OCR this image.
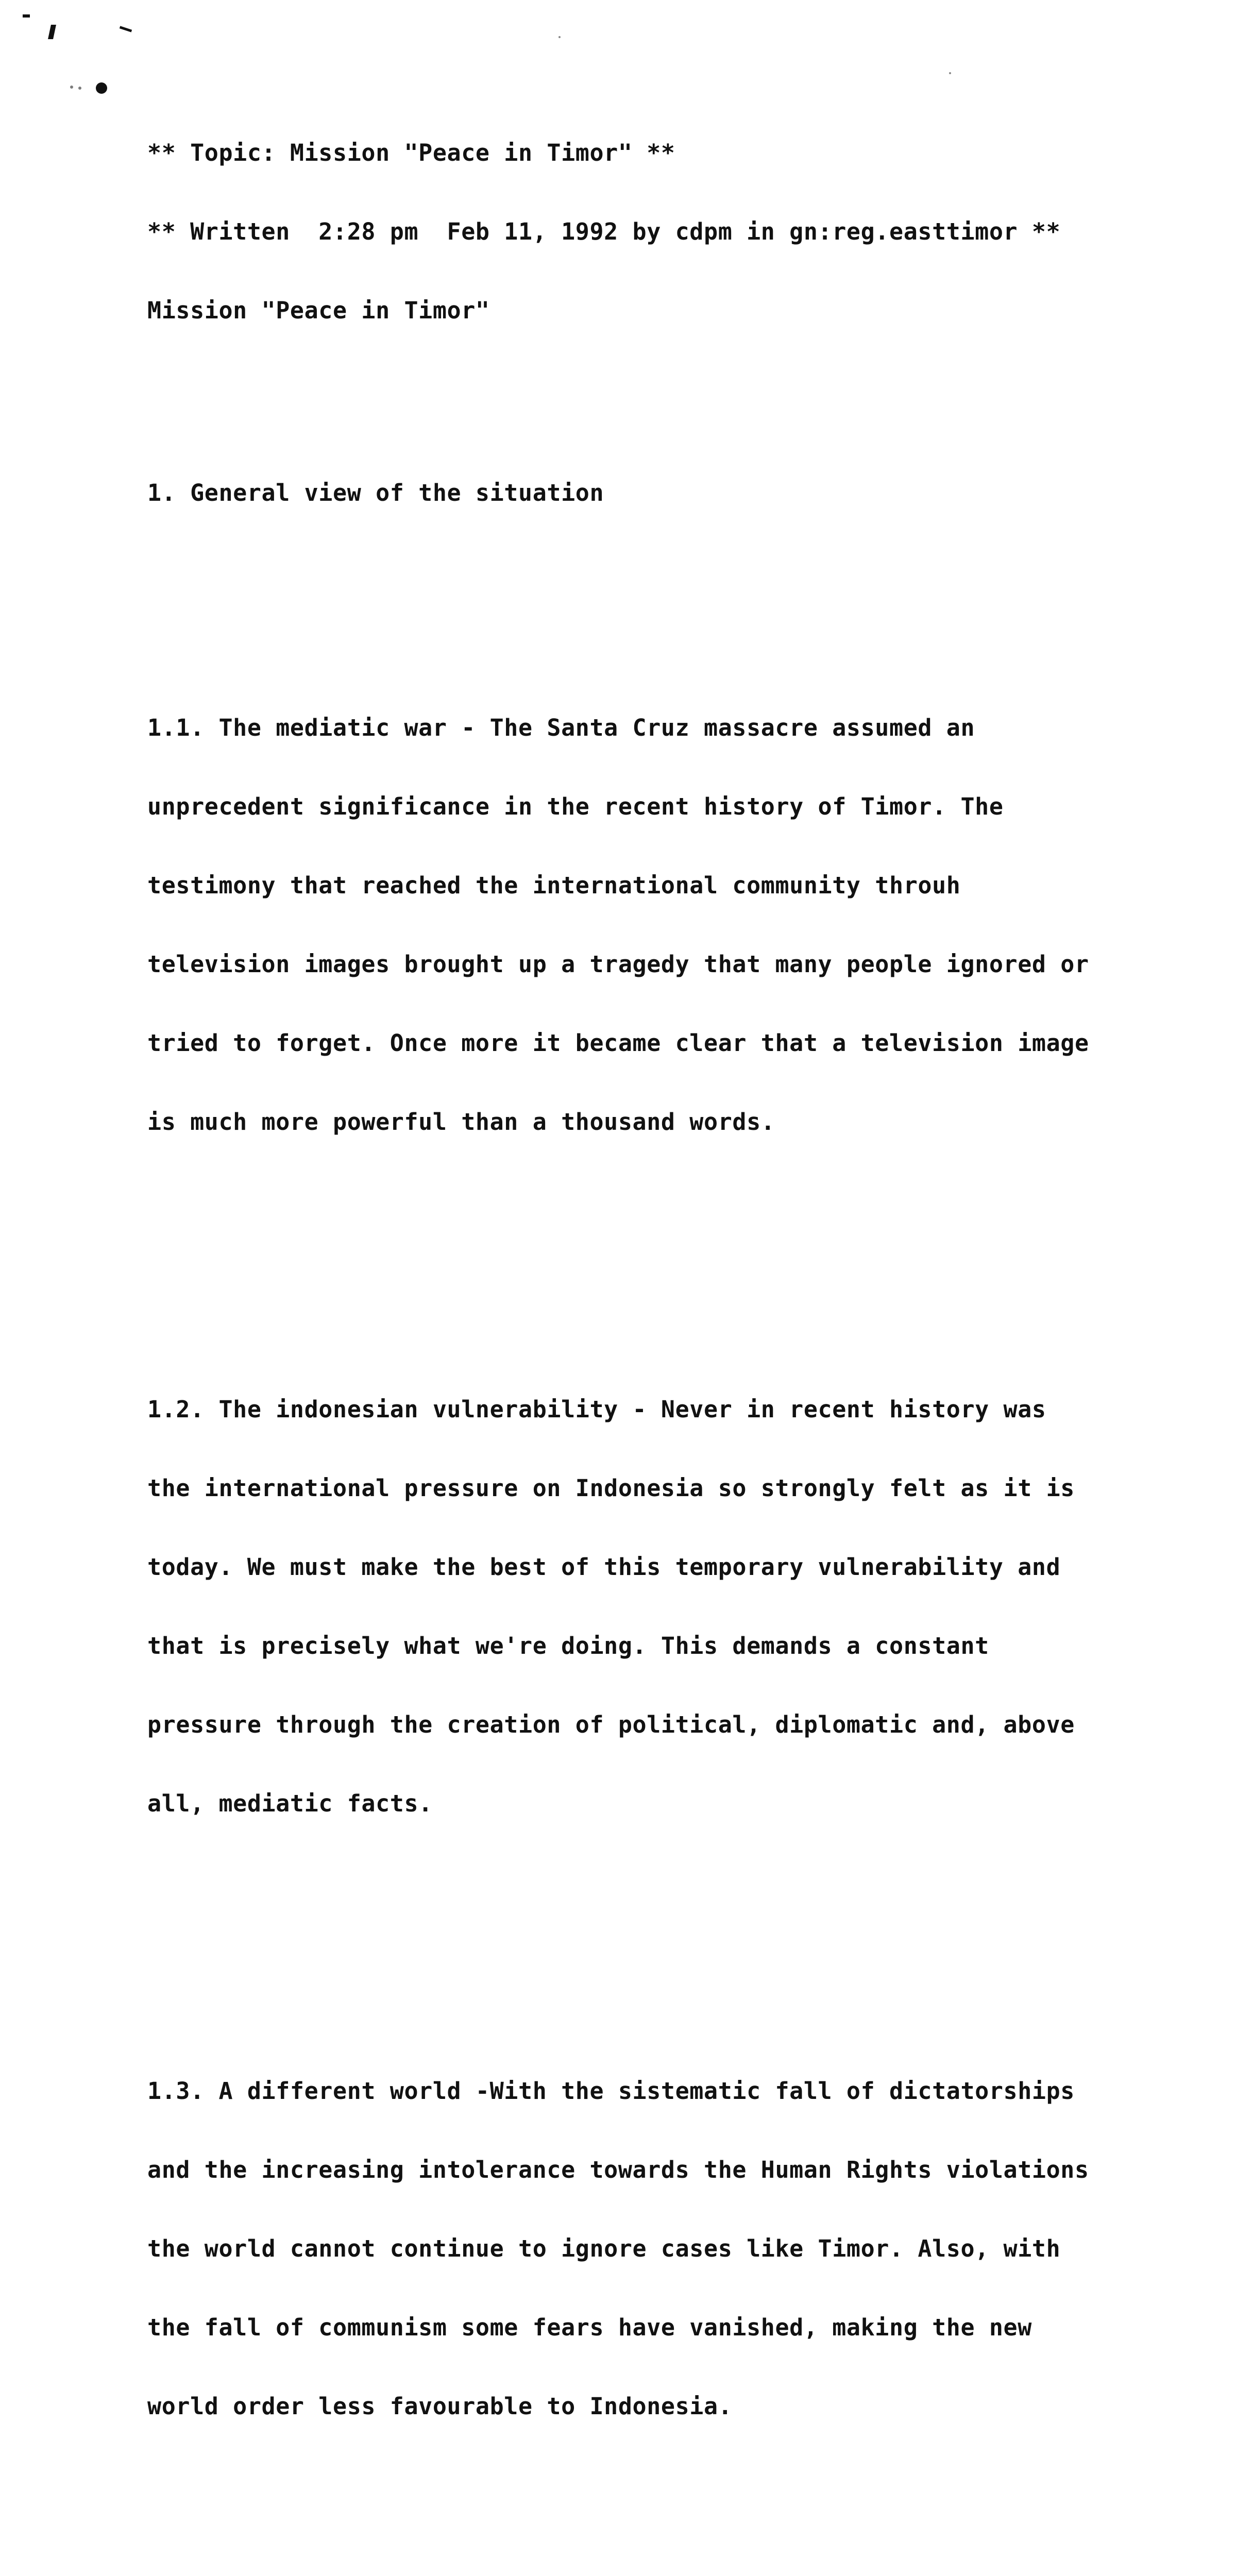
** Topic: Mission "Peace in Timor" **

** Written  2:28 pm  Feb 11, 1992 by cdpm in gn:reg.easttimor **

Mission "Peace in Timor"

1. General view of the situation

1.1. The mediatic war - The Santa Cruz massacre assumed an

unprecedent significance in the recent history of Timor. The

testimony that reached the international community throuh

television images brought up a tragedy that many people ignored or

tried to forget. Once more it became clear that a television image

is much more powerful than a thousand words.

1.2. The indonesian vulnerability - Never in recent history was

the international pressure on Indonesia so strongly felt as it is

today. We must make the best of this temporary vulnerability and

that is precisely what we're doing. This demands a constant

pressure through the creation of political, diplomatic and, above

all, mediatic facts.

1.3. A different world -With the sistematic fall of dictatorships

and the increasing intolerance towards the Human Rights violations

the world cannot continue to ignore cases like Timor. Also, with

the fall of communism some fears have vanished, making the new

world order less favourable to Indonesia.
